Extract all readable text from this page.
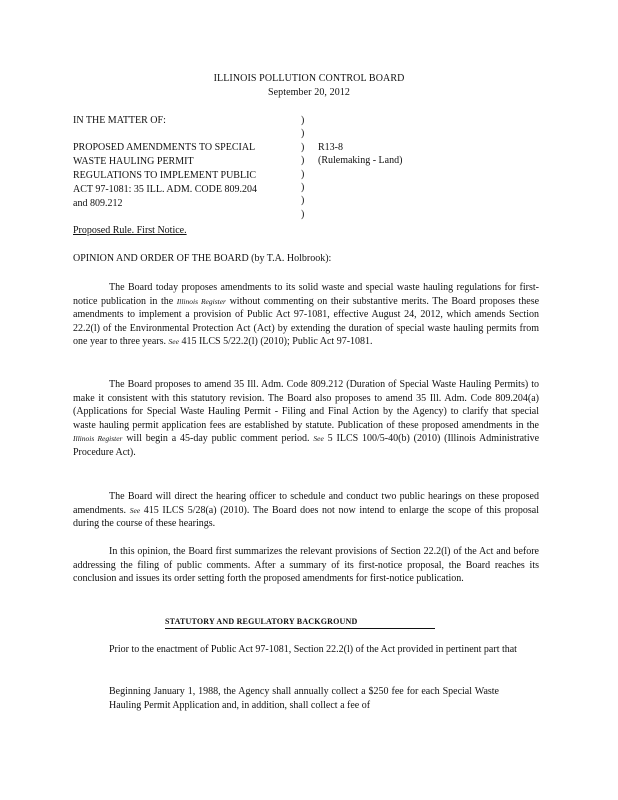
ILLINOIS POLLUTION CONTROL BOARD
September 20, 2012
IN THE MATTER OF:
PROPOSED AMENDMENTS TO SPECIAL
WASTE HAULING PERMIT
REGULATIONS TO IMPLEMENT PUBLIC
ACT 97-1081: 35 ILL. ADM. CODE 809.204
and 809.212
)
)
)
)
)
)
)
)
R13-8
(Rulemaking - Land)
Proposed Rule. First Notice.
OPINION AND ORDER OF THE BOARD (by T.A. Holbrook):
The Board today proposes amendments to its solid waste and special waste hauling regulations for first-notice publication in the Illinois Register without commenting on their substantive merits. The Board proposes these amendments to implement a provision of Public Act 97-1081, effective August 24, 2012, which amends Section 22.2(l) of the Environmental Protection Act (Act) by extending the duration of special waste hauling permits from one year to three years. See 415 ILCS 5/22.2(l) (2010); Public Act 97-1081.
The Board proposes to amend 35 Ill. Adm. Code 809.212 (Duration of Special Waste Hauling Permits) to make it consistent with this statutory revision. The Board also proposes to amend 35 Ill. Adm. Code 809.204(a) (Applications for Special Waste Hauling Permit - Filing and Final Action by the Agency) to clarify that special waste hauling permit application fees are established by statute. Publication of these proposed amendments in the Illinois Register will begin a 45-day public comment period. See 5 ILCS 100/5-40(b) (2010) (Illinois Administrative Procedure Act).
The Board will direct the hearing officer to schedule and conduct two public hearings on these proposed amendments. See 415 ILCS 5/28(a) (2010). The Board does not now intend to enlarge the scope of this proposal during the course of these hearings.
In this opinion, the Board first summarizes the relevant provisions of Section 22.2(l) of the Act and before addressing the filing of public comments. After a summary of its first-notice proposal, the Board reaches its conclusion and issues its order setting forth the proposed amendments for first-notice publication.
STATUTORY AND REGULATORY BACKGROUND
Prior to the enactment of Public Act 97-1081, Section 22.2(l) of the Act provided in pertinent part that
Beginning January 1, 1988, the Agency shall annually collect a $250 fee for each Special Waste Hauling Permit Application and, in addition, shall collect a fee of
